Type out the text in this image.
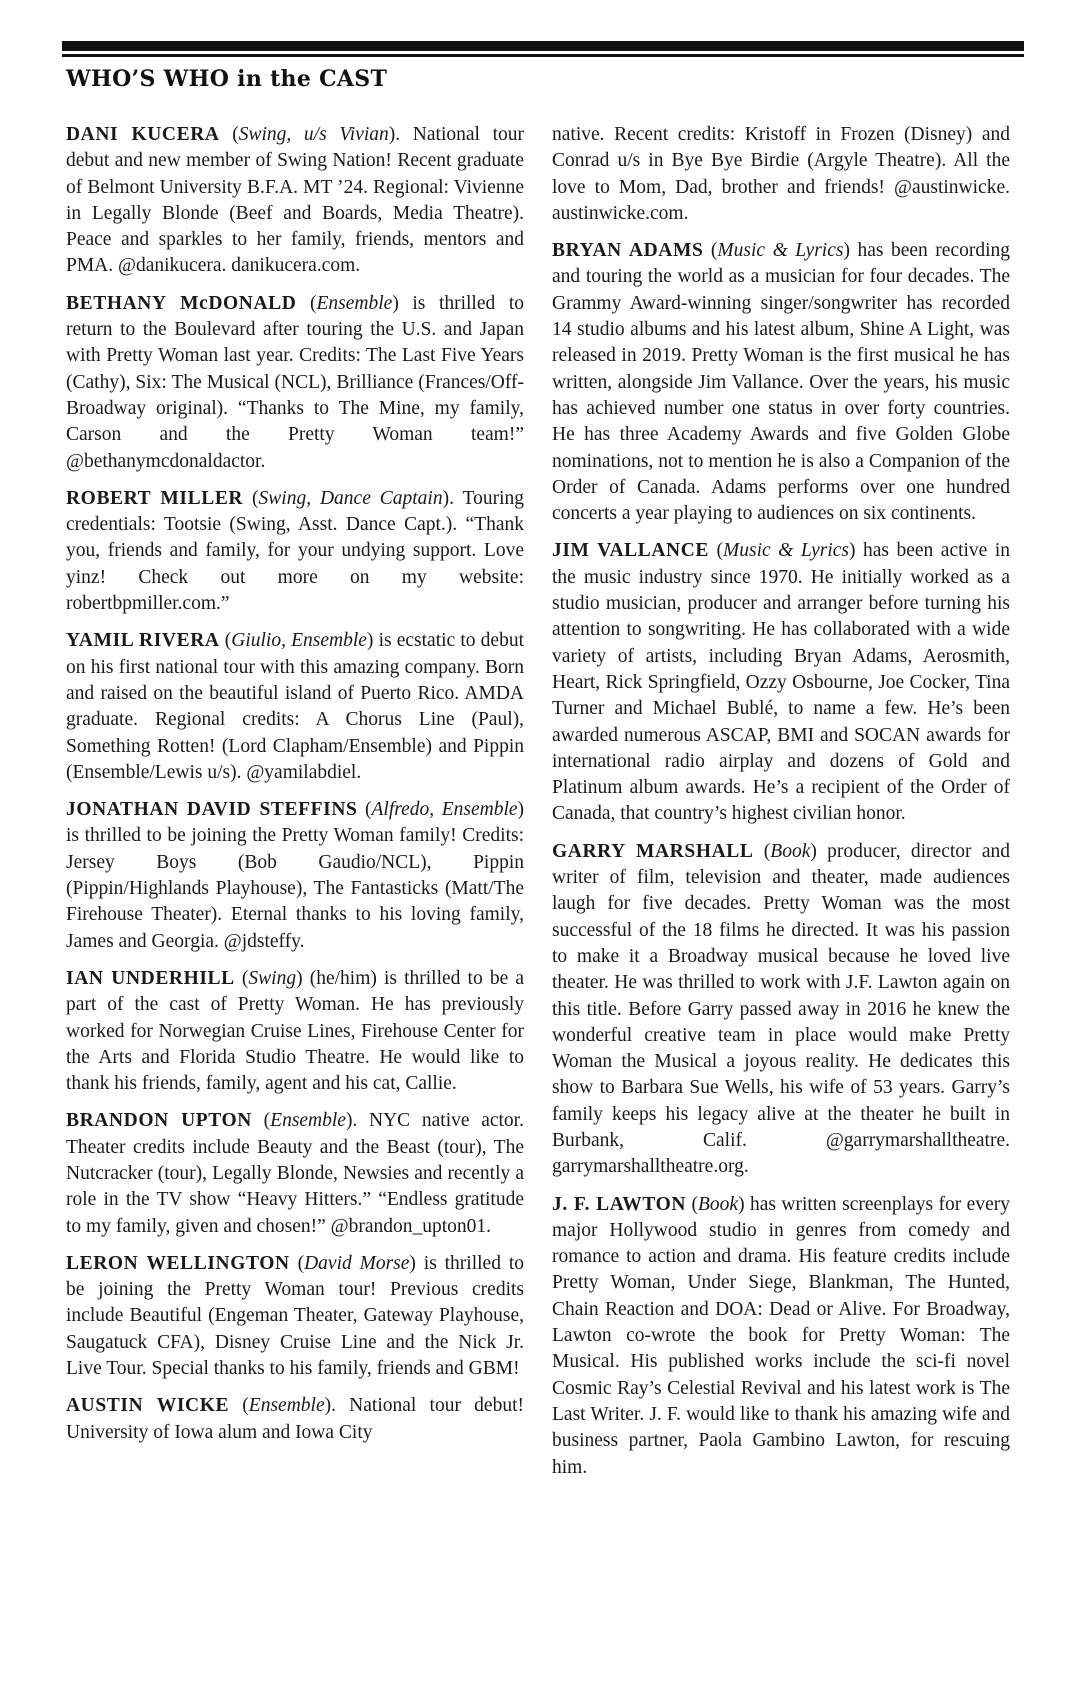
WHO’S WHO in the CAST

DANI KUCERA (Swing, u/s Vivian). National tour debut and new member of Swing Nation! Recent graduate of Belmont University B.F.A. MT ’24. Regional: Vivienne in Legally Blonde (Beef and Boards, Media Theatre). Peace and sparkles to her family, friends, mentors and PMA. @danikucera. danikucera.com.

BETHANY McDONALD (Ensemble) is thrilled to return to the Boulevard after touring the U.S. and Japan with Pretty Woman last year. Credits: The Last Five Years (Cathy), Six: The Musical (NCL), Brilliance (Frances/Off-Broadway original). “Thanks to The Mine, my family, Carson and the Pretty Woman team!” @bethanymcdonaldactor.

ROBERT MILLER (Swing, Dance Captain). Touring credentials: Tootsie (Swing, Asst. Dance Capt.). “Thank you, friends and family, for your undying support. Love yinz! Check out more on my website: robertbpmiller.com.”

YAMIL RIVERA (Giulio, Ensemble) is ecstatic to debut on his first national tour with this amazing company. Born and raised on the beautiful island of Puerto Rico. AMDA graduate. Regional credits: A Chorus Line (Paul), Something Rotten! (Lord Clapham/Ensemble) and Pippin (Ensemble/Lewis u/s). @yamilabdiel.

JONATHAN DAVID STEFFINS (Alfredo, Ensemble) is thrilled to be joining the Pretty Woman family! Credits: Jersey Boys (Bob Gaudio/NCL), Pippin (Pippin/Highlands Playhouse), The Fantasticks (Matt/The Firehouse Theater). Eternal thanks to his loving family, James and Georgia. @jdsteffy.

IAN UNDERHILL (Swing) (he/him) is thrilled to be a part of the cast of Pretty Woman. He has previously worked for Norwegian Cruise Lines, Firehouse Center for the Arts and Florida Studio Theatre. He would like to thank his friends, family, agent and his cat, Callie.

BRANDON UPTON (Ensemble). NYC native actor. Theater credits include Beauty and the Beast (tour), The Nutcracker (tour), Legally Blonde, Newsies and recently a role in the TV show “Heavy Hitters.” “Endless gratitude to my family, given and chosen!” @brandon_upton01.

LERON WELLINGTON (David Morse) is thrilled to be joining the Pretty Woman tour! Previous credits include Beautiful (Engeman Theater, Gateway Playhouse, Saugatuck CFA), Disney Cruise Line and the Nick Jr. Live Tour. Special thanks to his family, friends and GBM!

AUSTIN WICKE (Ensemble). National tour debut! University of Iowa alum and Iowa City

native. Recent credits: Kristoff in Frozen (Disney) and Conrad u/s in Bye Bye Birdie (Argyle Theatre). All the love to Mom, Dad, brother and friends! @austinwicke. austinwicke.com.

BRYAN ADAMS (Music & Lyrics) has been recording and touring the world as a musician for four decades. The Grammy Award-winning singer/songwriter has recorded 14 studio albums and his latest album, Shine A Light, was released in 2019. Pretty Woman is the first musical he has written, alongside Jim Vallance. Over the years, his music has achieved number one status in over forty countries. He has three Academy Awards and five Golden Globe nominations, not to mention he is also a Companion of the Order of Canada. Adams performs over one hundred concerts a year playing to audiences on six continents.

JIM VALLANCE (Music & Lyrics) has been active in the music industry since 1970. He initially worked as a studio musician, producer and arranger before turning his attention to songwriting. He has collaborated with a wide variety of artists, including Bryan Adams, Aerosmith, Heart, Rick Springfield, Ozzy Osbourne, Joe Cocker, Tina Turner and Michael Bublé, to name a few. He’s been awarded numerous ASCAP, BMI and SOCAN awards for international radio airplay and dozens of Gold and Platinum album awards. He’s a recipient of the Order of Canada, that country’s highest civilian honor.

GARRY MARSHALL (Book) producer, director and writer of film, television and theater, made audiences laugh for five decades. Pretty Woman was the most successful of the 18 films he directed. It was his passion to make it a Broadway musical because he loved live theater. He was thrilled to work with J.F. Lawton again on this title. Before Garry passed away in 2016 he knew the wonderful creative team in place would make Pretty Woman the Musical a joyous reality. He dedicates this show to Barbara Sue Wells, his wife of 53 years. Garry’s family keeps his legacy alive at the theater he built in Burbank, Calif. @garrymarshalltheatre. garrymarshalltheatre.org.

J. F. LAWTON (Book) has written screenplays for every major Hollywood studio in genres from comedy and romance to action and drama. His feature credits include Pretty Woman, Under Siege, Blankman, The Hunted, Chain Reaction and DOA: Dead or Alive. For Broadway, Lawton co-wrote the book for Pretty Woman: The Musical. His published works include the sci-fi novel Cosmic Ray’s Celestial Revival and his latest work is The Last Writer. J. F. would like to thank his amazing wife and business partner, Paola Gambino Lawton, for rescuing him.
